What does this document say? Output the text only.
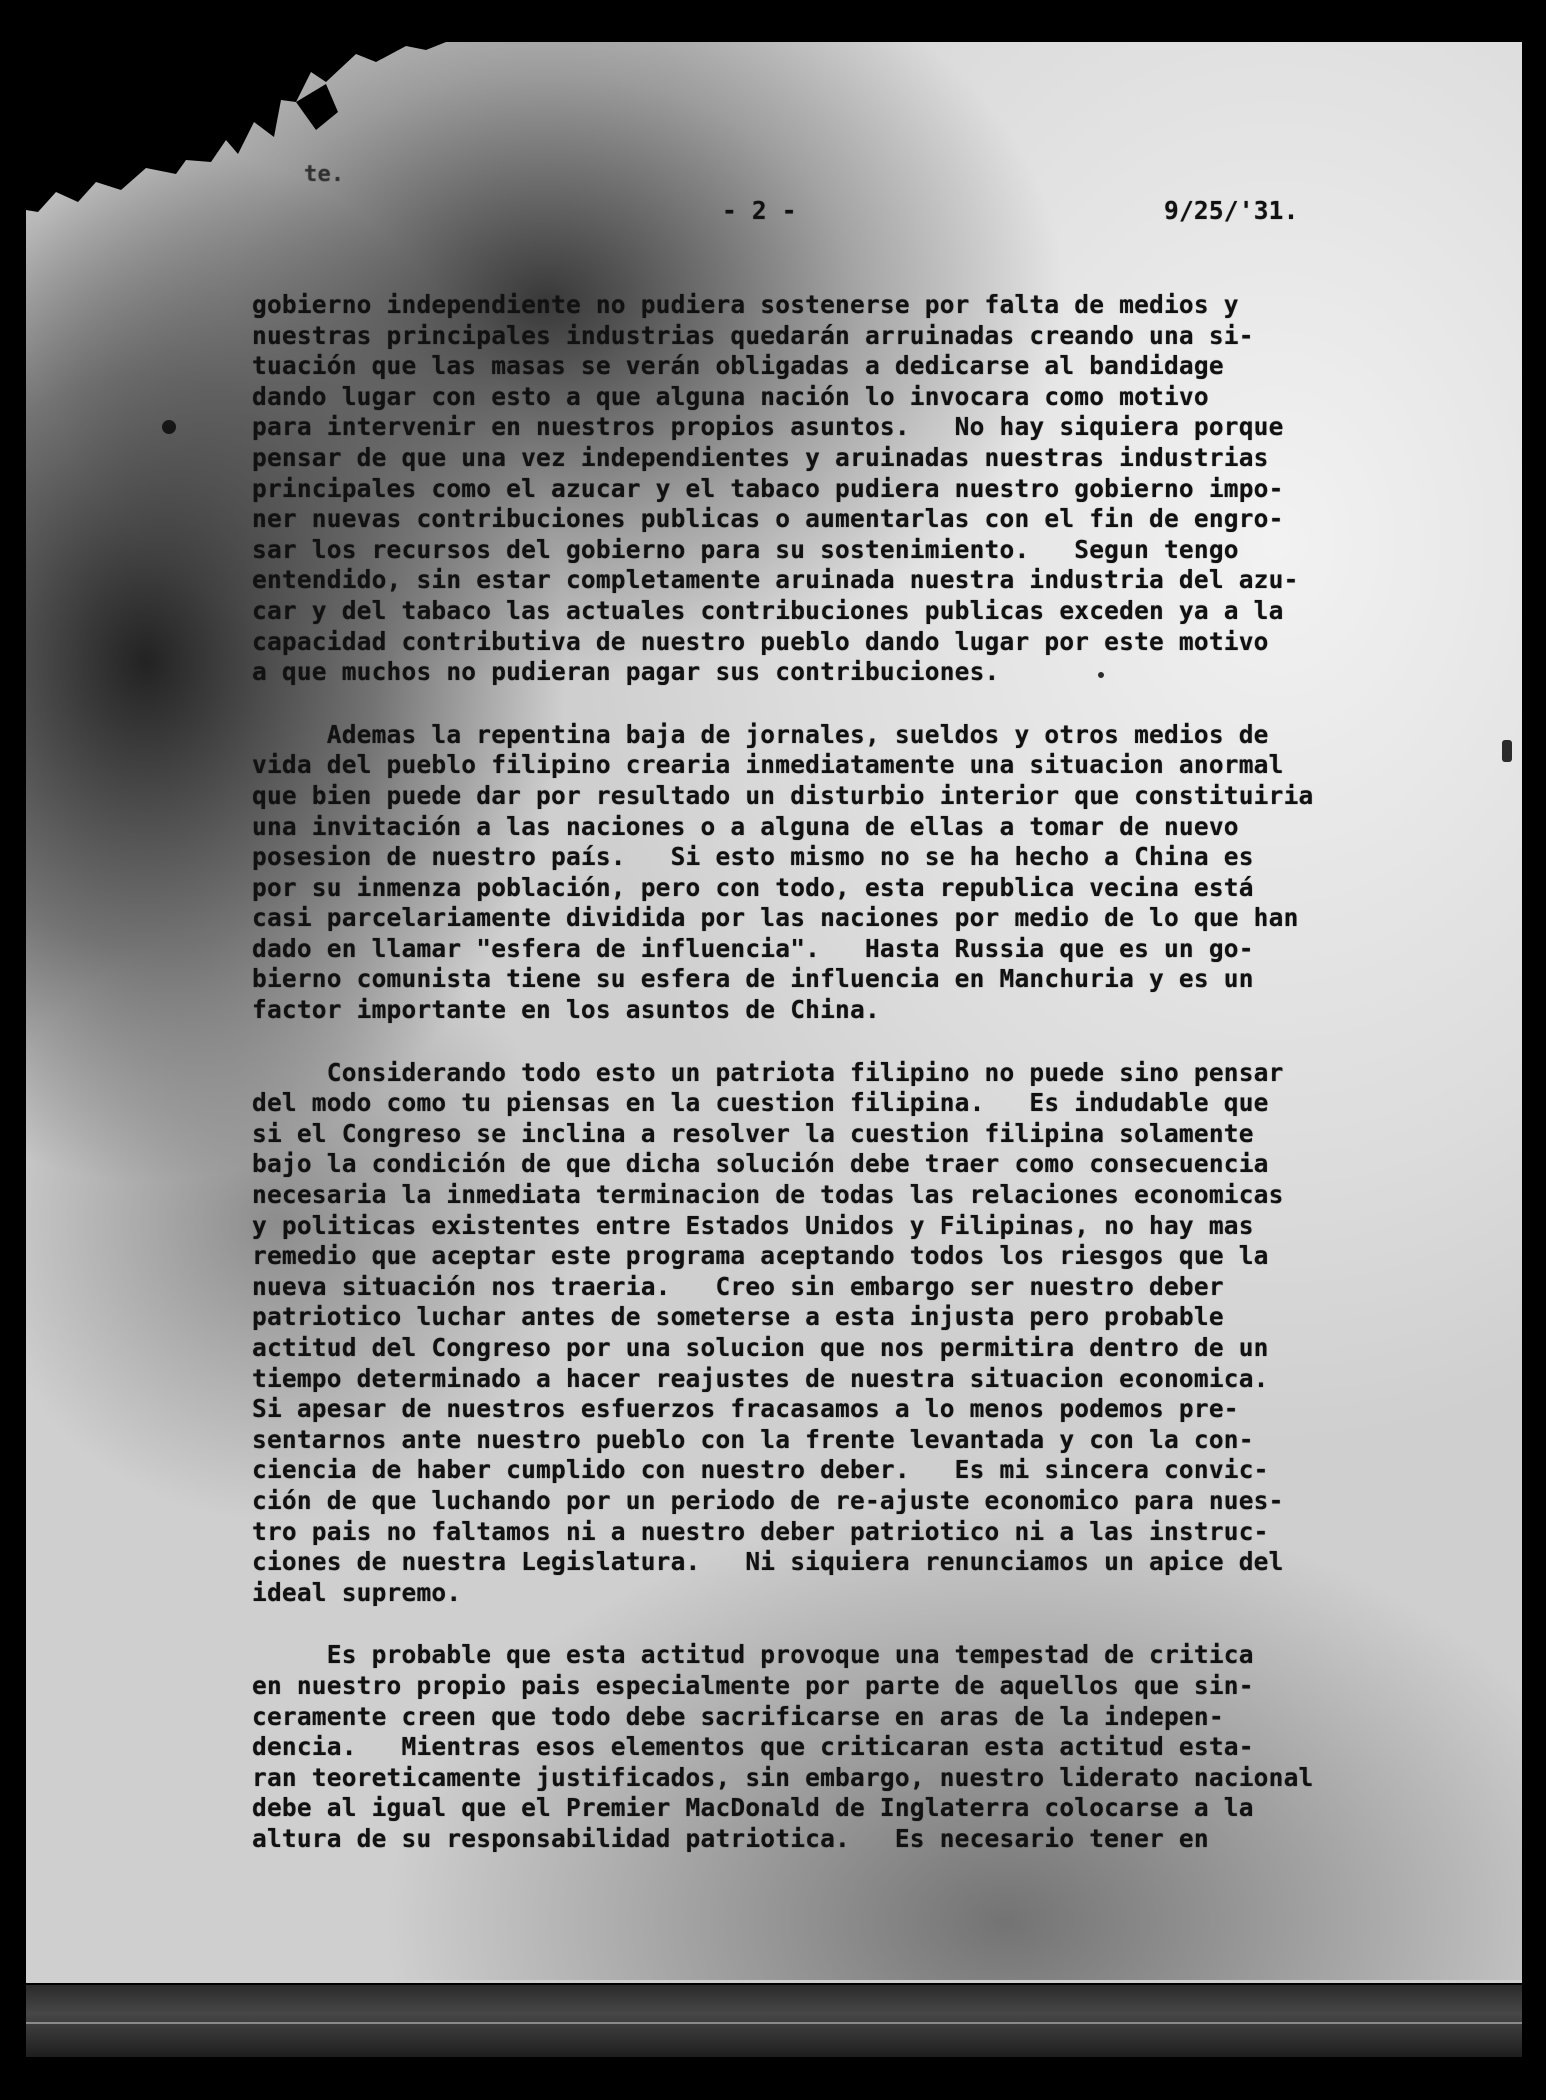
te.
- 2 -	9/25/'31.
gobierno independiente no pudiera sostenerse por falta de medios y
nuestras principales industrias quedarán arruinadas creando una si-
tuación que las masas se verán obligadas a dedicarse al bandidage
dando lugar con esto a que alguna nación lo invocara como motivo
para intervenir en nuestros propios asuntos.   No hay siquiera porque
pensar de que una vez independientes y aruinadas nuestras industrias
principales como el azucar y el tabaco pudiera nuestro gobierno impo-
ner nuevas contribuciones publicas o aumentarlas con el fin de engro-
sar los recursos del gobierno para su sostenimiento.   Segun tengo
entendido, sin estar completamente aruinada nuestra industria del azu-
car y del tabaco las actuales contribuciones publicas exceden ya a la
capacidad contributiva de nuestro pueblo dando lugar por este motivo
a que muchos no pudieran pagar sus contribuciones.
Ademas la repentina baja de jornales, sueldos y otros medios de
vida del pueblo filipino crearia inmediatamente una situacion anormal
que bien puede dar por resultado un disturbio interior que constituiria
una invitación a las naciones o a alguna de ellas a tomar de nuevo
posesion de nuestro país.   Si esto mismo no se ha hecho a China es
por su inmenza población, pero con todo, esta republica vecina está
casi parcelariamente dividida por las naciones por medio de lo que han
dado en llamar "esfera de influencia".   Hasta Russia que es un go-
bierno comunista tiene su esfera de influencia en Manchuria y es un
factor importante en los asuntos de China.
Considerando todo esto un patriota filipino no puede sino pensar
del modo como tu piensas en la cuestion filipina.   Es indudable que
si el Congreso se inclina a resolver la cuestion filipina solamente
bajo la condición de que dicha solución debe traer como consecuencia
necesaria la inmediata terminacion de todas las relaciones economicas
y politicas existentes entre Estados Unidos y Filipinas, no hay mas
remedio que aceptar este programa aceptando todos los riesgos que la
nueva situación nos traeria.   Creo sin embargo ser nuestro deber
patriotico luchar antes de someterse a esta injusta pero probable
actitud del Congreso por una solucion que nos permitira dentro de un
tiempo determinado a hacer reajustes de nuestra situacion economica.
Si apesar de nuestros esfuerzos fracasamos a lo menos podemos pre-
sentarnos ante nuestro pueblo con la frente levantada y con la con-
ciencia de haber cumplido con nuestro deber.   Es mi sincera convic-
ción de que luchando por un periodo de re-ajuste economico para nues-
tro pais no faltamos ni a nuestro deber patriotico ni a las instruc-
ciones de nuestra Legislatura.   Ni siquiera renunciamos un apice del
ideal supremo.
Es probable que esta actitud provoque una tempestad de critica
en nuestro propio pais especialmente por parte de aquellos que sin-
ceramente creen que todo debe sacrificarse en aras de la indepen-
dencia.   Mientras esos elementos que criticaran esta actitud esta-
ran teoreticamente justificados, sin embargo, nuestro liderato nacional
debe al igual que el Premier MacDonald de Inglaterra colocarse a la
altura de su responsabilidad patriotica.   Es necesario tener en
